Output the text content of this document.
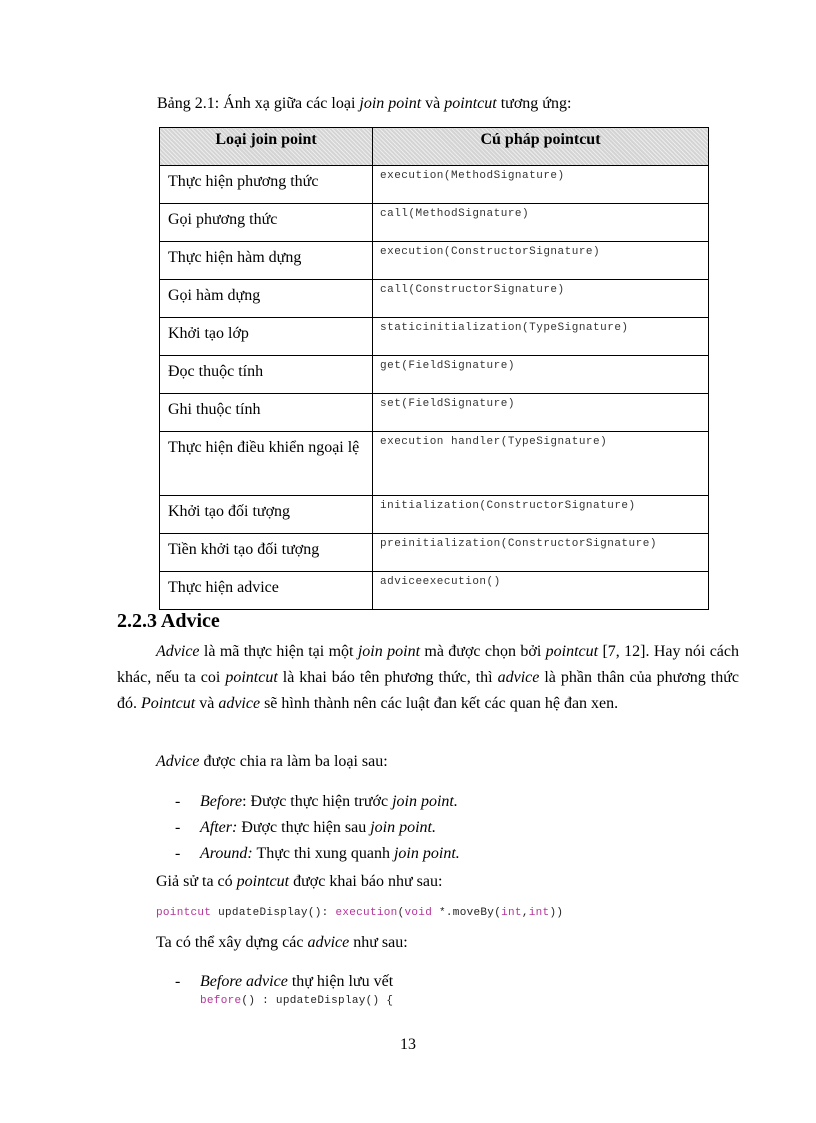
Bảng 2.1: Ánh xạ giữa các loại join point và pointcut tương ứng:
Loại join point	Cú pháp pointcut
Thực hiện phương thức	execution(MethodSignature)
Gọi phương thức	call(MethodSignature)
Thực hiện hàm dựng	execution(ConstructorSignature)
Gọi hàm dựng	call(ConstructorSignature)
Khởi tạo lớp	staticinitialization(TypeSignature)
Đọc thuộc tính	get(FieldSignature)
Ghi thuộc tính	set(FieldSignature)
Thực hiện điều khiển ngoại lệ	execution handler(TypeSignature)
Khởi tạo đối tượng	initialization(ConstructorSignature)
Tiền khởi tạo đối tượng	preinitialization(ConstructorSignature)
Thực hiện advice	adviceexecution()
2.2.3 Advice
Advice là mã thực hiện tại một join point mà được chọn bởi pointcut [7, 12]. Hay nói cách khác, nếu ta coi pointcut là khai báo tên phương thức, thì advice là phần thân của phương thức đó. Pointcut và advice sẽ hình thành nên các luật đan kết các quan hệ đan xen.
Advice được chia ra làm ba loại sau:
- Before: Được thực hiện trước join point.
- After: Được thực hiện sau join point.
- Around: Thực thi xung quanh join point.
Giả sử ta có pointcut được khai báo như sau:
pointcut updateDisplay(): execution(void *.moveBy(int,int))
Ta có thể xây dựng các advice như sau:
- Before advice thự hiện lưu vết
before() : updateDisplay() {
13
